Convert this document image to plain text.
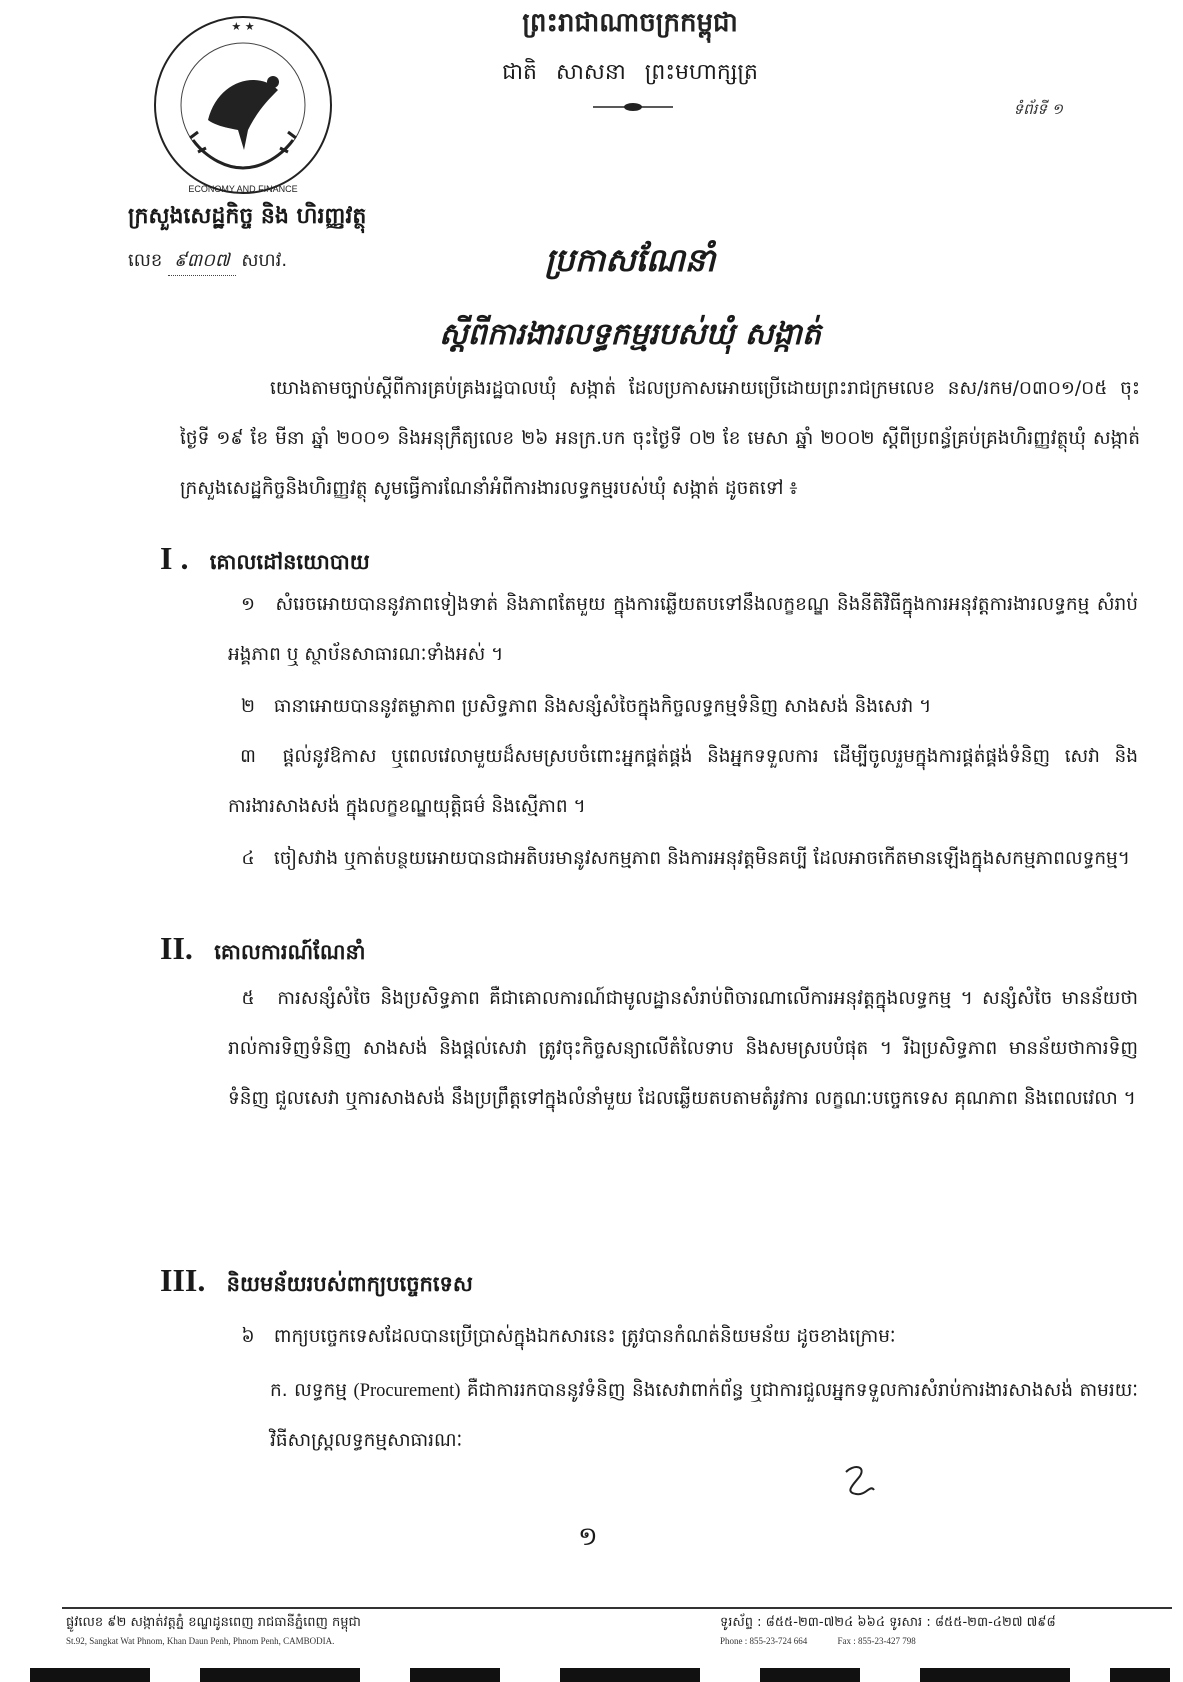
★ ★
ECONOMY AND FINANCE
ព្រះរាជាណាចក្រកម្ពុជា
ជាតិ សាសនា ព្រះមហាក្សត្រ
ទំព័រទី ១
ក្រសួងសេដ្ឋកិច្ច និង ហិរញ្ញវត្ថុ
លេខ ៩៣០៧ សហវ.	ប្រកាសណែនាំ
ស្តីពីការងារលទ្ធកម្មរបស់ឃុំ សង្កាត់
យោងតាមច្បាប់ស្តីពីការគ្រប់គ្រងរដ្ឋបាលឃុំ សង្កាត់ ដែលប្រកាសអោយប្រើដោយព្រះរាជក្រមលេខ នស/រកម/០៣០១/០៥ ចុះថ្ងៃទី ១៩ ខែ មីនា ឆ្នាំ ២០០១ និងអនុក្រឹត្យលេខ ២៦ អនក្រ.បក ចុះថ្ងៃទី ០២ ខែ មេសា ឆ្នាំ ២០០២ ស្តីពីប្រពន្ធ័គ្រប់គ្រងហិរញ្ញវត្ថុឃុំ សង្កាត់ ក្រសួងសេដ្ឋកិច្ចនិងហិរញ្ញវត្ថុ សូមធ្វើការណែនាំអំពីការងារលទ្ធកម្មរបស់ឃុំ សង្កាត់ ដូចតទៅ ៖
I . គោលដៅនយោបាយ
១ សំរេចអោយបាននូវភាពទៀងទាត់ និងភាពតែមួយ ក្នុងការឆ្លើយតបទៅនឹងលក្ខខណ្ឌ និងនីតិវិធីក្នុងការអនុវត្តការងារលទ្ធកម្ម សំរាប់អង្គភាព ឬ ស្ថាប័នសាធារណៈទាំងអស់ ។
២ ធានាអោយបាននូវតម្លាភាព ប្រសិទ្ធភាព និងសន្សំសំចៃក្នុងកិច្ចលទ្ធកម្មទំនិញ សាងសង់ និងសេវា ។
៣ ផ្តល់នូវឱកាស ឬពេលវេលាមួយដ៏សមស្របចំពោះអ្នកផ្គត់ផ្គង់ និងអ្នកទទួលការ ដើម្បីចូលរួមក្នុងការផ្គត់ផ្គង់ទំនិញ សេវា និងការងារសាងសង់ ក្នុងលក្ខខណ្ឌយុត្តិធម៌ និងស្មើភាព ។
៤ ចៀសវាង ឬកាត់បន្ថយអោយបានជាអតិបរមានូវសកម្មភាព និងការអនុវត្តមិនគប្បី ដែលអាចកើតមានឡើងក្នុងសកម្មភាពលទ្ធកម្ម។
II. គោលការណ៍ណែនាំ
៥ ការសន្សំសំចៃ និងប្រសិទ្ធភាព គឺជាគោលការណ៍ជាមូលដ្ឋានសំរាប់ពិចារណាលើការអនុវត្តក្នុងលទ្ធកម្ម ។ សន្សំសំចៃ មានន័យថារាល់ការទិញទំនិញ សាងសង់ និងផ្តល់សេវា ត្រូវចុះកិច្ចសន្យាលើតំលៃទាប និងសមស្របបំផុត ។ រីឯប្រសិទ្ធភាព មានន័យថាការទិញទំនិញ ជួលសេវា ឬការសាងសង់ នឹងប្រព្រឹត្តទៅក្នុងលំនាំមួយ ដែលឆ្លើយតបតាមតំរូវការ លក្ខណៈបច្ចេកទេស គុណភាព និងពេលវេលា ។
III. និយមន័យរបស់ពាក្យបច្ចេកទេស
៦ ពាក្យបច្ចេកទេសដែលបានប្រើប្រាស់ក្នុងឯកសារនេះ ត្រូវបានកំណត់និយមន័យ ដូចខាងក្រោមៈ
ក. លទ្ធកម្ម (Procurement) គឺជាការរកបាននូវទំនិញ និងសេវាពាក់ព័ន្ធ ឬជាការជួលអ្នកទទួលការសំរាប់ការងារសាងសង់ តាមរយៈវិធីសាស្រ្តលទ្ធកម្មសាធារណៈ
១
ផ្លូវលេខ ៩២ សង្កាត់វត្តភ្នំ ខណ្ឌដូនពេញ រាជធានីភ្នំពេញ កម្ពុជា
St.92, Sangkat Wat Phnom, Khan Daun Penh, Phnom Penh, CAMBODIA.
ទូរស័ព្ទ : ៨៥៥-២៣-៧២៤ ៦៦៤ ទូរសារ : ៨៥៥-២៣-៤២៧ ៧៩៨
Phone : 855-23-724 664	Fax : 855-23-427 798
